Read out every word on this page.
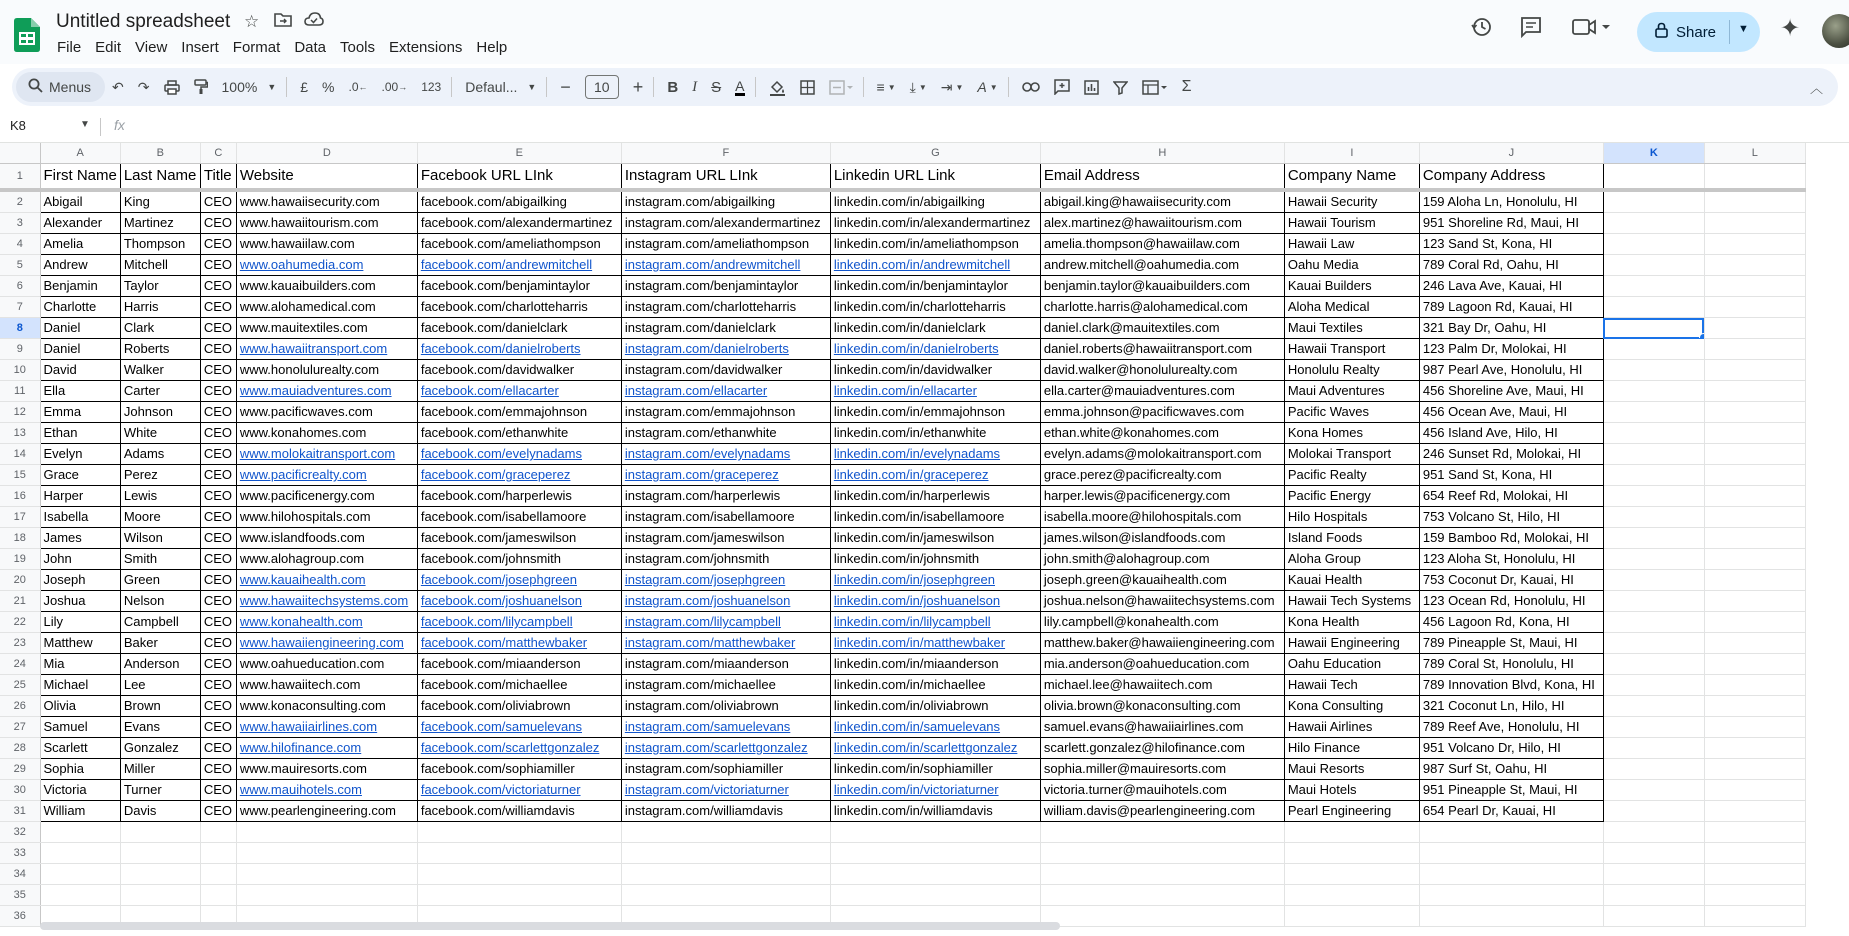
Untitled spreadsheet ☆
File Edit View Insert Format Data Tools Extensions Help
Share ▼ ✦
Menus	↶	↷	100% ▼	£	%	.0 ← .00 →	123	Defaul... ▼	−	10	+	B I S	A	≡ ▼	⤓ ▼	⇥ ▼ A ▼	Σ	︿
K8	▼ fx
	A	B	C	D	E	F	G	H	I	J	K	L
1	First Name	Last Name	Title	Website	Facebook URL LInk	Instagram URL LInk	Linkedin URL Link	Email Address	Company Name	Company Address		
2	Abigail	King	CEO	www.hawaiisecurity.com	facebook.com/abigailking	instagram.com/abigailking	linkedin.com/in/abigailking	abigail.king@hawaiisecurity.com	Hawaii Security	159 Aloha Ln, Honolulu, HI		
3	Alexander	Martinez	CEO	www.hawaiitourism.com	facebook.com/alexandermartinez	instagram.com/alexandermartinez	linkedin.com/in/alexandermartinez	alex.martinez@hawaiitourism.com	Hawaii Tourism	951 Shoreline Rd, Maui, HI		
4	Amelia	Thompson	CEO	www.hawaiilaw.com	facebook.com/ameliathompson	instagram.com/ameliathompson	linkedin.com/in/ameliathompson	amelia.thompson@hawaiilaw.com	Hawaii Law	123 Sand St, Kona, HI		
5	Andrew	Mitchell	CEO	www.oahumedia.com	facebook.com/andrewmitchell	instagram.com/andrewmitchell	linkedin.com/in/andrewmitchell	andrew.mitchell@oahumedia.com	Oahu Media	789 Coral Rd, Oahu, HI		
6	Benjamin	Taylor	CEO	www.kauaibuilders.com	facebook.com/benjamintaylor	instagram.com/benjamintaylor	linkedin.com/in/benjamintaylor	benjamin.taylor@kauaibuilders.com	Kauai Builders	246 Lava Ave, Kauai, HI		
7	Charlotte	Harris	CEO	www.alohamedical.com	facebook.com/charlotteharris	instagram.com/charlotteharris	linkedin.com/in/charlotteharris	charlotte.harris@alohamedical.com	Aloha Medical	789 Lagoon Rd, Kauai, HI		
8	Daniel	Clark	CEO	www.mauitextiles.com	facebook.com/danielclark	instagram.com/danielclark	linkedin.com/in/danielclark	daniel.clark@mauitextiles.com	Maui Textiles	321 Bay Dr, Oahu, HI	

9	Daniel	Roberts	CEO	www.hawaiitransport.com	facebook.com/danielroberts	instagram.com/danielroberts	linkedin.com/in/danielroberts	daniel.roberts@hawaiitransport.com	Hawaii Transport	123 Palm Dr, Molokai, HI		
10	David	Walker	CEO	www.honolulurealty.com	facebook.com/davidwalker	instagram.com/davidwalker	linkedin.com/in/davidwalker	david.walker@honolulurealty.com	Honolulu Realty	987 Pearl Ave, Honolulu, HI		
11	Ella	Carter	CEO	www.mauiadventures.com	facebook.com/ellacarter	instagram.com/ellacarter	linkedin.com/in/ellacarter	ella.carter@mauiadventures.com	Maui Adventures	456 Shoreline Ave, Maui, HI		
12	Emma	Johnson	CEO	www.pacificwaves.com	facebook.com/emmajohnson	instagram.com/emmajohnson	linkedin.com/in/emmajohnson	emma.johnson@pacificwaves.com	Pacific Waves	456 Ocean Ave, Maui, HI		
13	Ethan	White	CEO	www.konahomes.com	facebook.com/ethanwhite	instagram.com/ethanwhite	linkedin.com/in/ethanwhite	ethan.white@konahomes.com	Kona Homes	456 Island Ave, Hilo, HI		
14	Evelyn	Adams	CEO	www.molokaitransport.com	facebook.com/evelynadams	instagram.com/evelynadams	linkedin.com/in/evelynadams	evelyn.adams@molokaitransport.com	Molokai Transport	246 Sunset Rd, Molokai, HI		
15	Grace	Perez	CEO	www.pacificrealty.com	facebook.com/graceperez	instagram.com/graceperez	linkedin.com/in/graceperez	grace.perez@pacificrealty.com	Pacific Realty	951 Sand St, Kona, HI		
16	Harper	Lewis	CEO	www.pacificenergy.com	facebook.com/harperlewis	instagram.com/harperlewis	linkedin.com/in/harperlewis	harper.lewis@pacificenergy.com	Pacific Energy	654 Reef Rd, Molokai, HI		
17	Isabella	Moore	CEO	www.hilohospitals.com	facebook.com/isabellamoore	instagram.com/isabellamoore	linkedin.com/in/isabellamoore	isabella.moore@hilohospitals.com	Hilo Hospitals	753 Volcano St, Hilo, HI		
18	James	Wilson	CEO	www.islandfoods.com	facebook.com/jameswilson	instagram.com/jameswilson	linkedin.com/in/jameswilson	james.wilson@islandfoods.com	Island Foods	159 Bamboo Rd, Molokai, HI		
19	John	Smith	CEO	www.alohagroup.com	facebook.com/johnsmith	instagram.com/johnsmith	linkedin.com/in/johnsmith	john.smith@alohagroup.com	Aloha Group	123 Aloha St, Honolulu, HI		
20	Joseph	Green	CEO	www.kauaihealth.com	facebook.com/josephgreen	instagram.com/josephgreen	linkedin.com/in/josephgreen	joseph.green@kauaihealth.com	Kauai Health	753 Coconut Dr, Kauai, HI		
21	Joshua	Nelson	CEO	www.hawaiitechsystems.com	facebook.com/joshuanelson	instagram.com/joshuanelson	linkedin.com/in/joshuanelson	joshua.nelson@hawaiitechsystems.com	Hawaii Tech Systems	123 Ocean Rd, Honolulu, HI		
22	Lily	Campbell	CEO	www.konahealth.com	facebook.com/lilycampbell	instagram.com/lilycampbell	linkedin.com/in/lilycampbell	lily.campbell@konahealth.com	Kona Health	456 Lagoon Rd, Kona, HI		
23	Matthew	Baker	CEO	www.hawaiiengineering.com	facebook.com/matthewbaker	instagram.com/matthewbaker	linkedin.com/in/matthewbaker	matthew.baker@hawaiiengineering.com	Hawaii Engineering	789 Pineapple St, Maui, HI		
24	Mia	Anderson	CEO	www.oahueducation.com	facebook.com/miaanderson	instagram.com/miaanderson	linkedin.com/in/miaanderson	mia.anderson@oahueducation.com	Oahu Education	789 Coral St, Honolulu, HI		
25	Michael	Lee	CEO	www.hawaiitech.com	facebook.com/michaellee	instagram.com/michaellee	linkedin.com/in/michaellee	michael.lee@hawaiitech.com	Hawaii Tech	789 Innovation Blvd, Kona, HI		
26	Olivia	Brown	CEO	www.konaconsulting.com	facebook.com/oliviabrown	instagram.com/oliviabrown	linkedin.com/in/oliviabrown	olivia.brown@konaconsulting.com	Kona Consulting	321 Coconut Ln, Hilo, HI		
27	Samuel	Evans	CEO	www.hawaiiairlines.com	facebook.com/samuelevans	instagram.com/samuelevans	linkedin.com/in/samuelevans	samuel.evans@hawaiiairlines.com	Hawaii Airlines	789 Reef Ave, Honolulu, HI		
28	Scarlett	Gonzalez	CEO	www.hilofinance.com	facebook.com/scarlettgonzalez	instagram.com/scarlettgonzalez	linkedin.com/in/scarlettgonzalez	scarlett.gonzalez@hilofinance.com	Hilo Finance	951 Volcano Dr, Hilo, HI		
29	Sophia	Miller	CEO	www.mauiresorts.com	facebook.com/sophiamiller	instagram.com/sophiamiller	linkedin.com/in/sophiamiller	sophia.miller@mauiresorts.com	Maui Resorts	987 Surf St, Oahu, HI		
30	Victoria	Turner	CEO	www.mauihotels.com	facebook.com/victoriaturner	instagram.com/victoriaturner	linkedin.com/in/victoriaturner	victoria.turner@mauihotels.com	Maui Hotels	951 Pineapple St, Maui, HI		
31	William	Davis	CEO	www.pearlengineering.com	facebook.com/williamdavis	instagram.com/williamdavis	linkedin.com/in/williamdavis	william.davis@pearlengineering.com	Pearl Engineering	654 Pearl Dr, Kauai, HI		
32												
33												
34												
35												
36												
